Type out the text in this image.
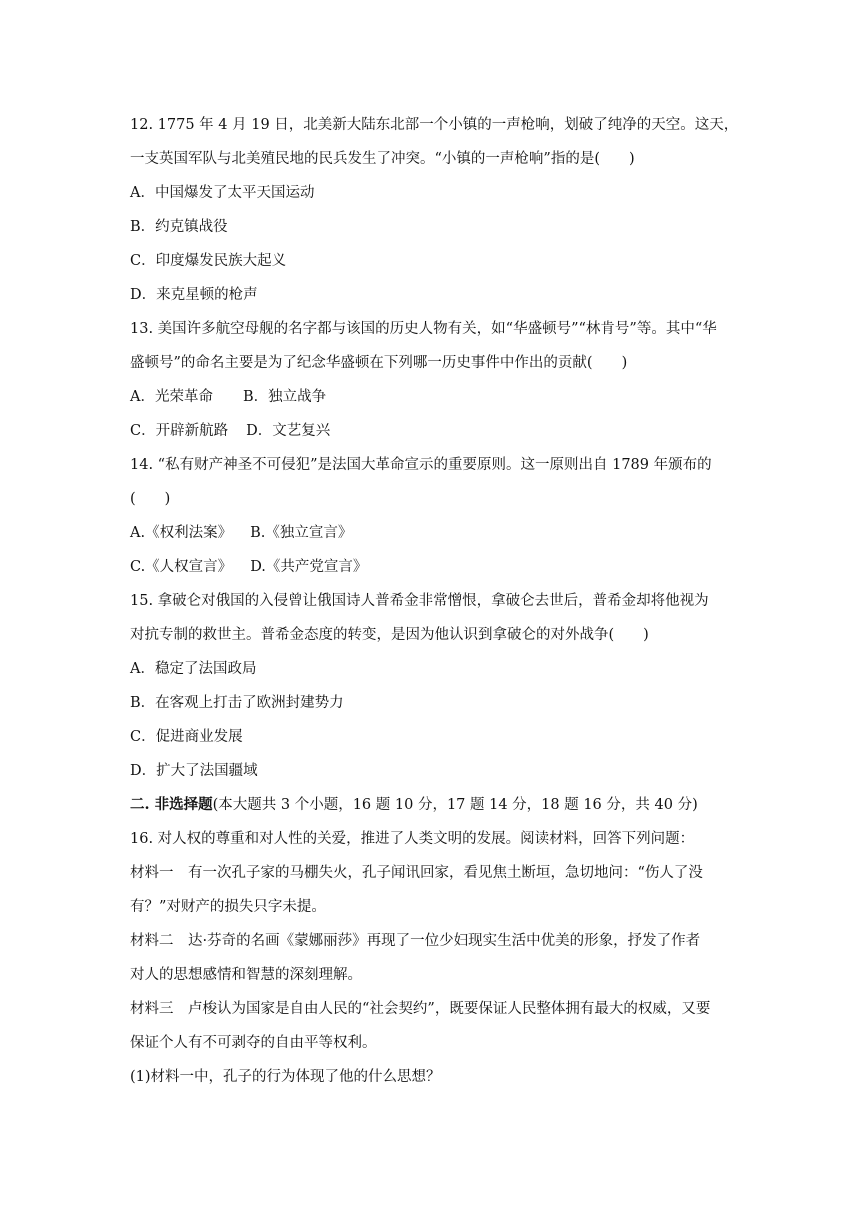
12. 1775 年 4 月 19 日，北美新大陆东北部一个小镇的一声枪响，划破了纯净的天空。这天，
一支英国军队与北美殖民地的民兵发生了冲突。“小镇的一声枪响”指的是(　　)
A．中国爆发了太平天国运动
B．约克镇战役
C．印度爆发民族大起义
D．来克星顿的枪声
13. 美国许多航空母舰的名字都与该国的历史人物有关，如“华盛顿号”“林肯号”等。其中“华
盛顿号”的命名主要是为了纪念华盛顿在下列哪一历史事件中作出的贡献(　　)
A．光荣革命 B．独立战争
C．开辟新航路 D．文艺复兴
14. “私有财产神圣不可侵犯”是法国大革命宣示的重要原则。这一原则出自 1789 年颁布的
(　　)
A.《权利法案》 B.《独立宣言》
C.《人权宣言》 D.《共产党宣言》
15. 拿破仑对俄国的入侵曾让俄国诗人普希金非常憎恨，拿破仑去世后，普希金却将他视为
对抗专制的救世主。普希金态度的转变，是因为他认识到拿破仑的对外战争(　　)
A．稳定了法国政局
B．在客观上打击了欧洲封建势力
C．促进商业发展
D．扩大了法国疆域
二. 非选择题(本大题共 3 个小题，16 题 10 分，17 题 14 分，18 题 16 分，共 40 分)
16. 对人权的尊重和对人性的关爱，推进了人类文明的发展。阅读材料，回答下列问题：
材料一　有一次孔子家的马棚失火，孔子闻讯回家，看见焦土断垣，急切地问：“伤人了没
有？”对财产的损失只字未提。
材料二　达·芬奇的名画《蒙娜丽莎》再现了一位少妇现实生活中优美的形象，抒发了作者
对人的思想感情和智慧的深刻理解。
材料三　卢梭认为国家是自由人民的“社会契约”，既要保证人民整体拥有最大的权威，又要
保证个人有不可剥夺的自由平等权利。
(1)材料一中，孔子的行为体现了他的什么思想？
